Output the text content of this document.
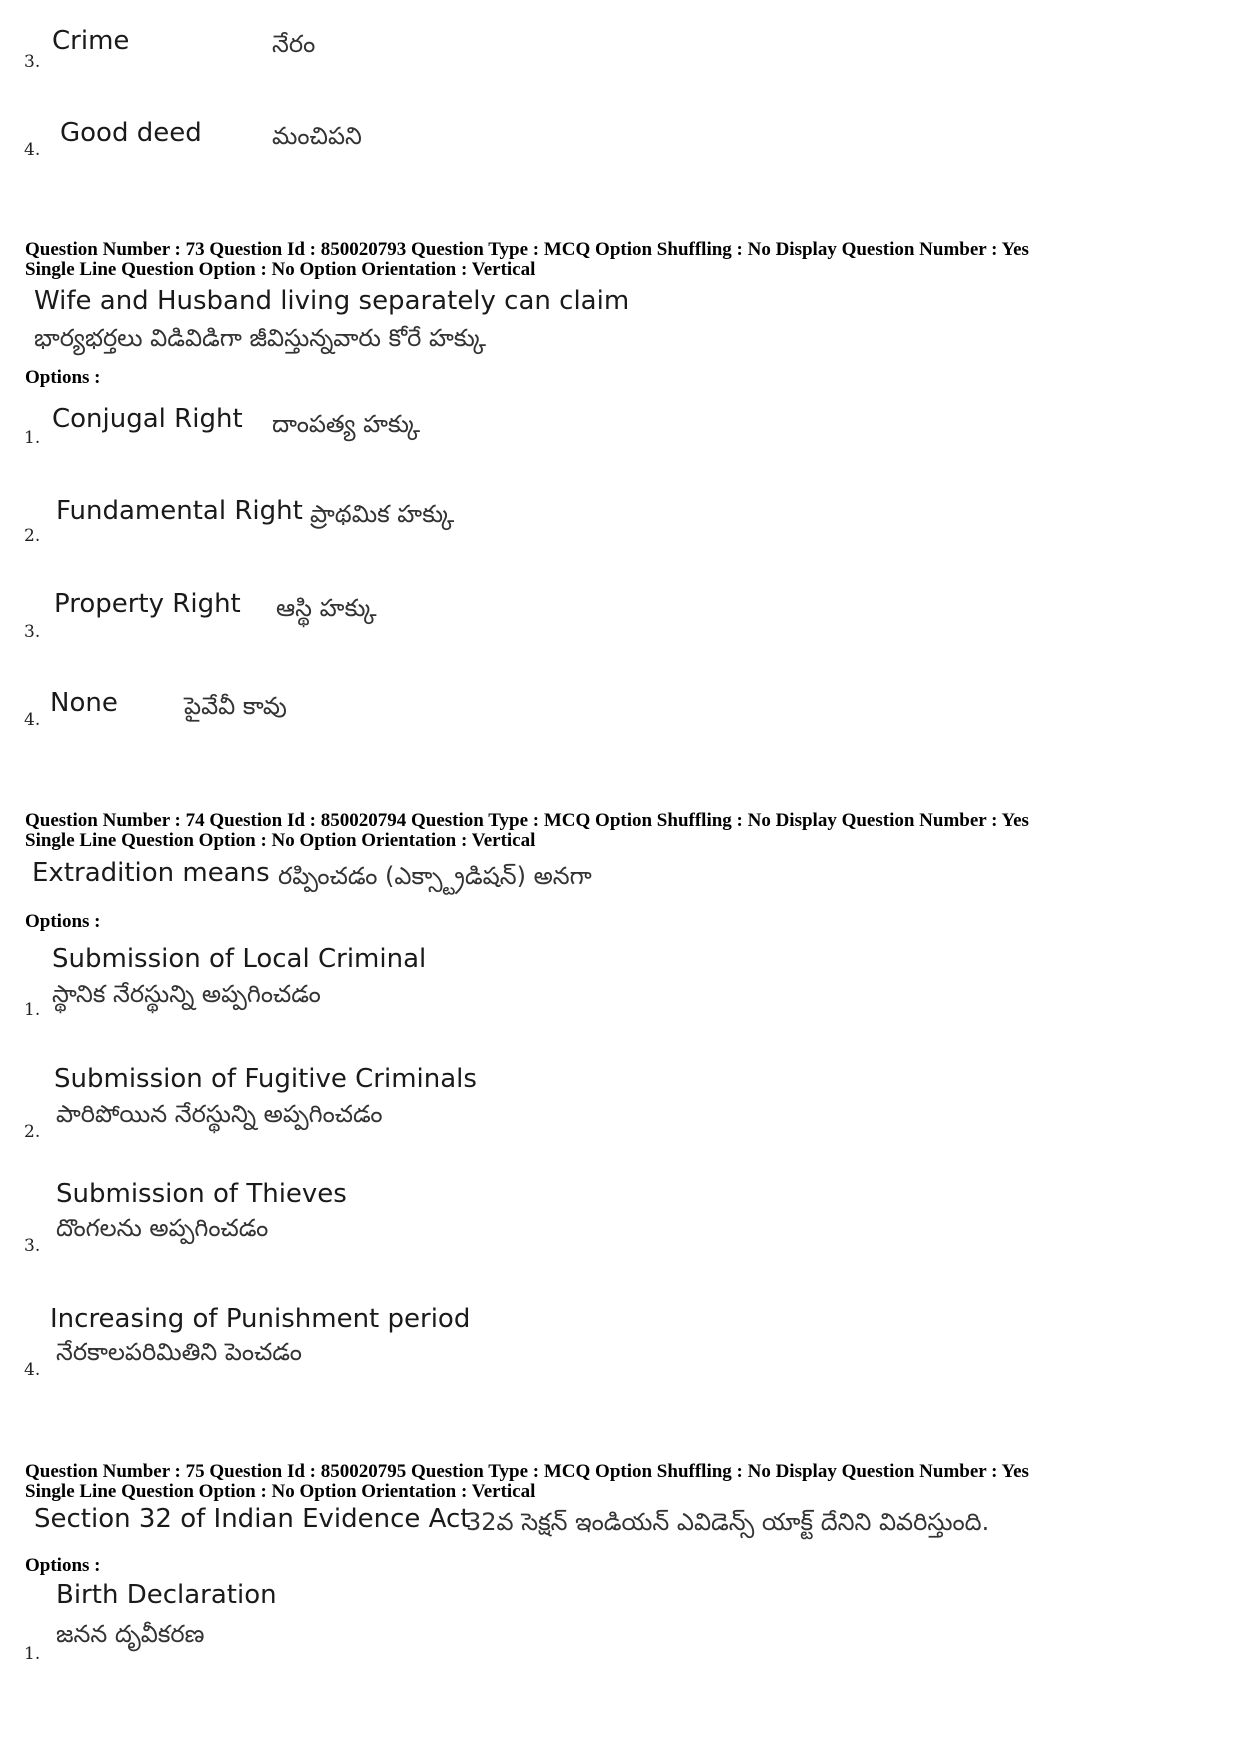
3.
Crime	నేరం
4.
Good deed	మంచిపని
Question Number : 73 Question Id : 850020793 Question Type : MCQ Option Shuffling : No Display Question Number : Yes
Single Line Question Option : No Option Orientation : Vertical
Wife and Husband living separately can claim
భార్యభర్తలు విడివిడిగా జీవిస్తున్నవారు కోరే హక్కు
Options :
1.
Conjugal Right దాంపత్య హక్కు
2.
Fundamental Right ప్రాథమిక హక్కు
3.
Property Right ఆస్థి హక్కు
4.
None	పైవేవీ కావు
Question Number : 74 Question Id : 850020794 Question Type : MCQ Option Shuffling : No Display Question Number : Yes
Single Line Question Option : No Option Orientation : Vertical
Extradition means రప్పించడం (ఎక్స్ట్రాడిషన్) అనగా
Options :
1.
Submission of Local Criminal
స్థానిక నేరస్థున్ని అప్పగించడం
2.
Submission of Fugitive Criminals
పారిపోయిన నేరస్థున్ని అప్పగించడం
3.
Submission of Thieves
దొంగలను అప్పగించడం
4.
Increasing of Punishment period
నేరకాలపరిమితిని పెంచడం
Question Number : 75 Question Id : 850020795 Question Type : MCQ Option Shuffling : No Display Question Number : Yes
Single Line Question Option : No Option Orientation : Vertical
Section 32 of Indian Evidence Act
32వ సెక్షన్ ఇండియన్ ఎవిడెన్స్ యాక్ట్ దేనిని వివరిస్తుంది.
Options :
1.
Birth Declaration
జనన దృవీకరణ
